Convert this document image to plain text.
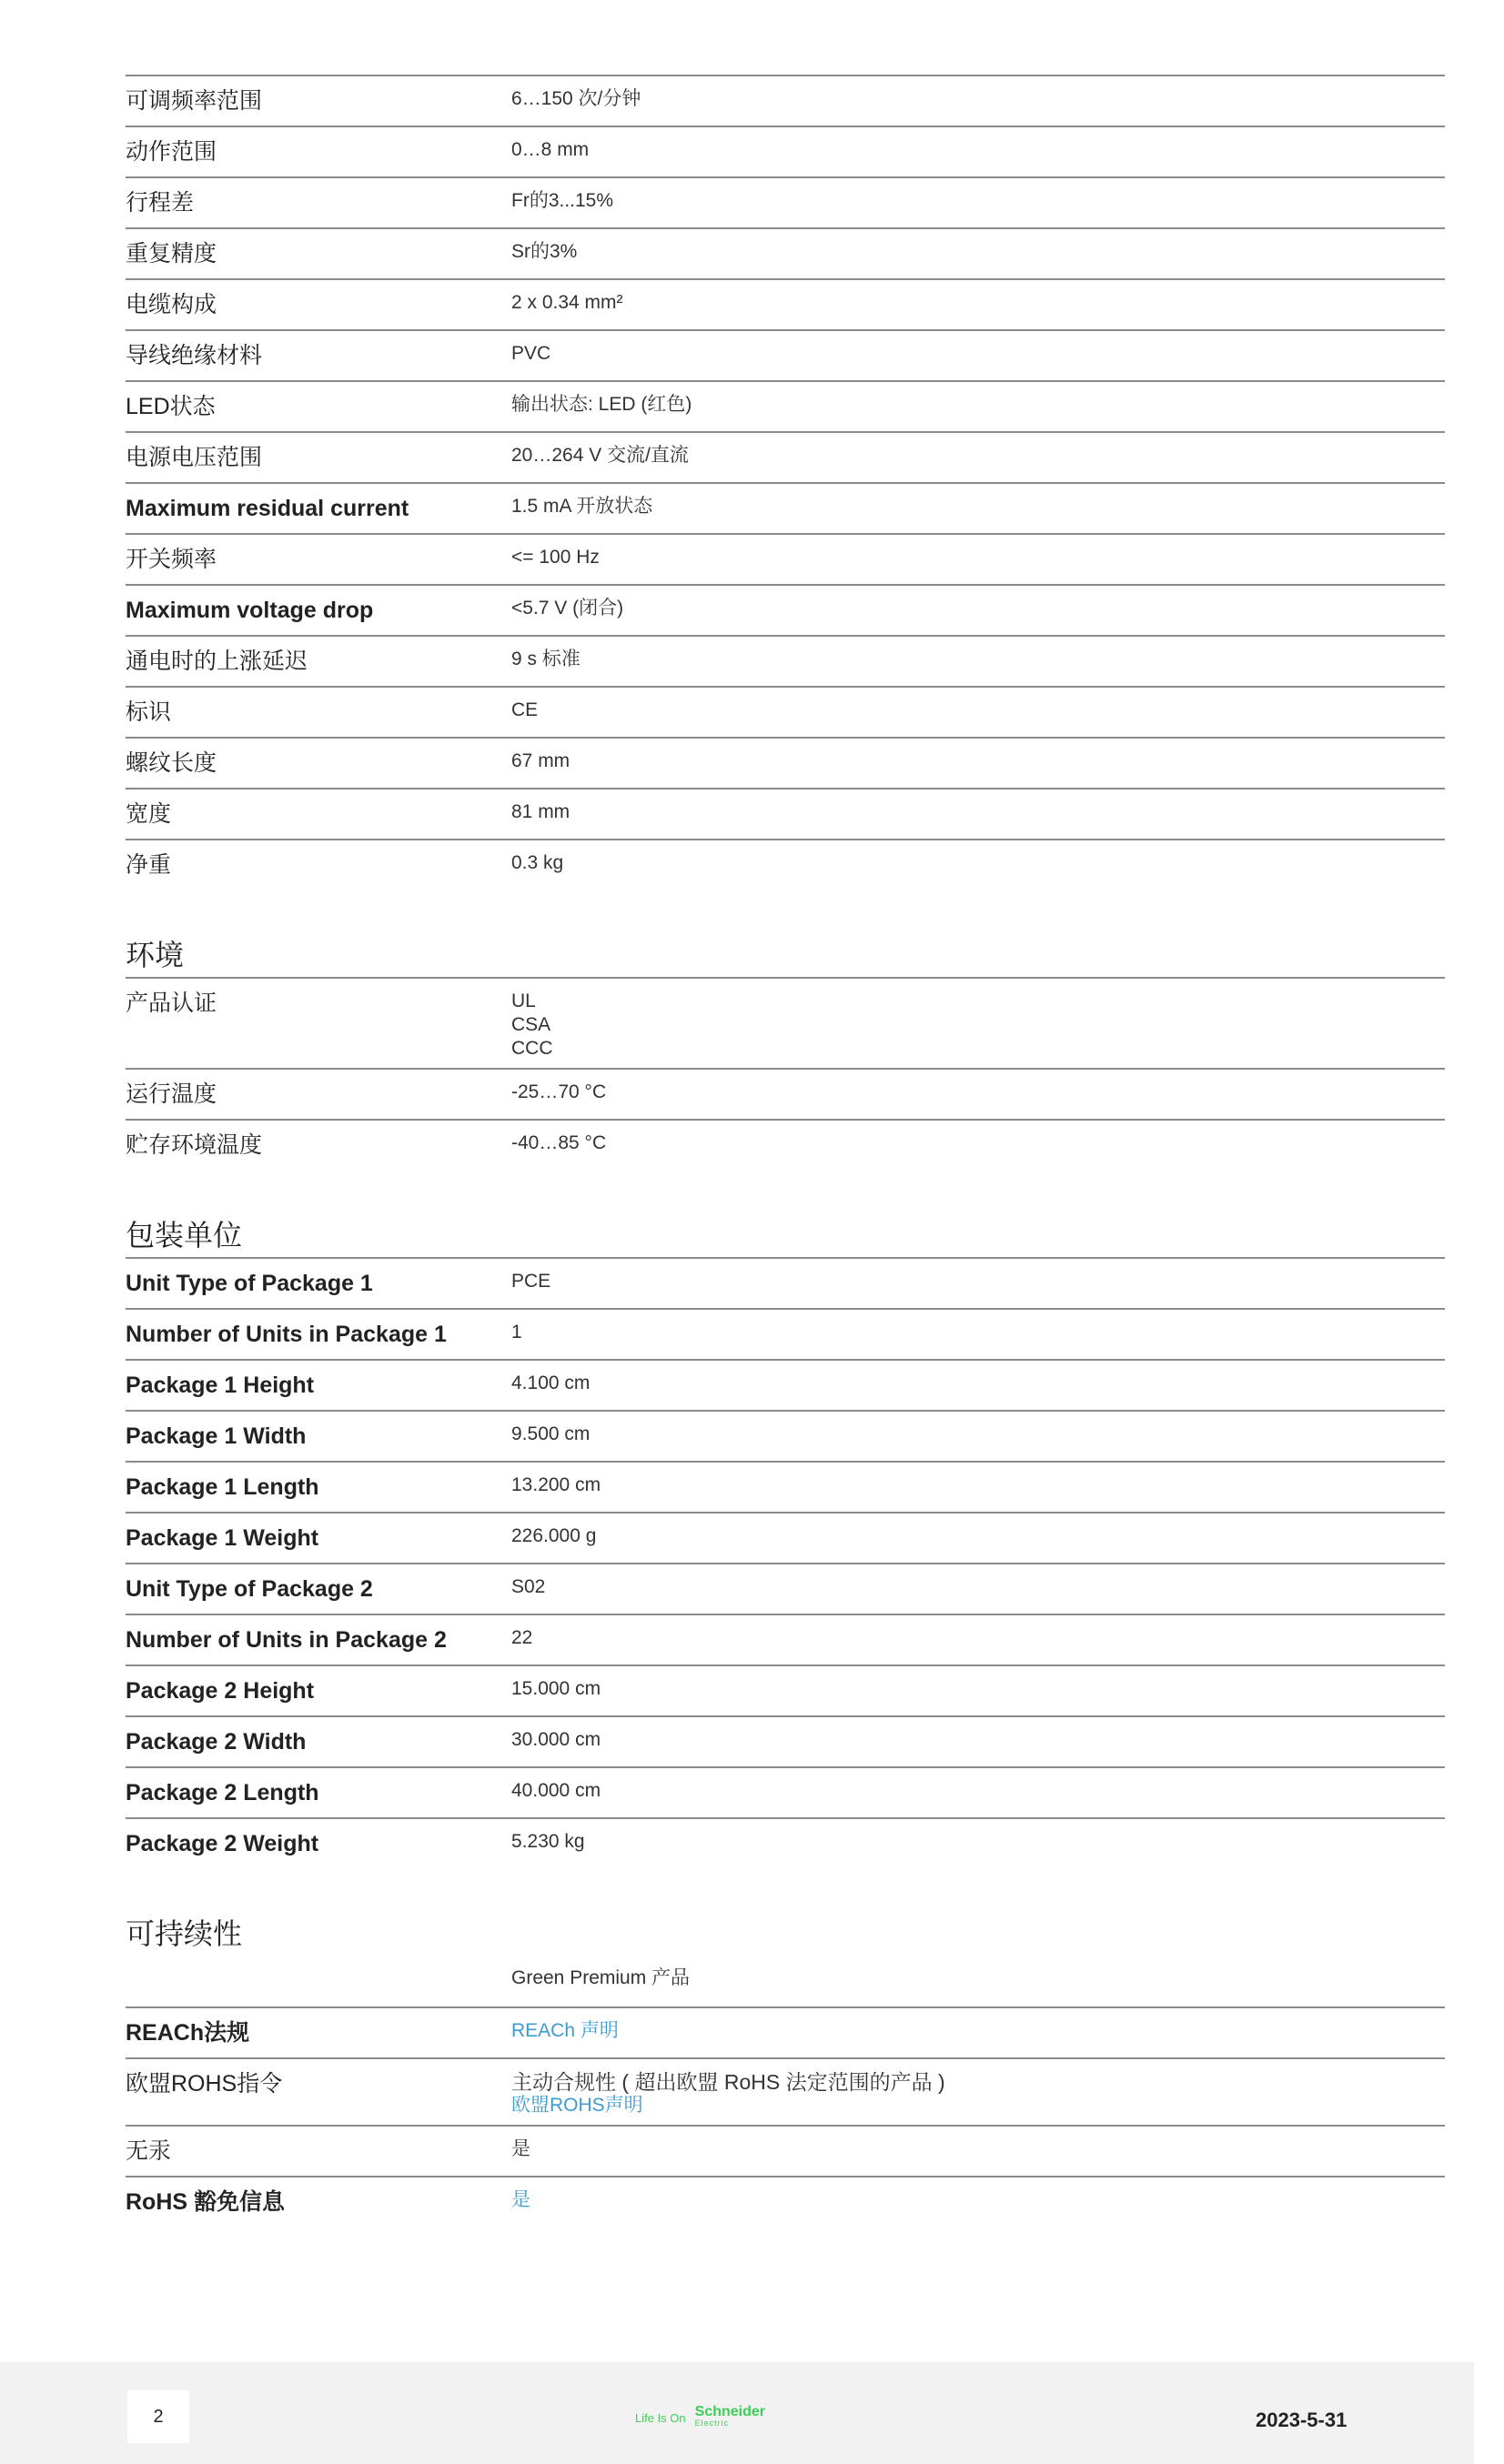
可调频率范围	6…150 次/分钟
动作范围	0…8 mm
行程差	Fr的3...15%
重复精度	Sr的3%
电缆构成	2 x 0.34 mm²
导线绝缘材料	PVC
LED状态	输出状态: LED (红色)
电源电压范围	20…264 V 交流/直流
Maximum residual current	1.5 mA 开放状态
开关频率	<= 100 Hz
Maximum voltage drop	<5.7 V (闭合)
通电时的上涨延迟	9 s 标准
标识	CE
螺纹长度	67 mm
宽度	81 mm
净重	0.3 kg
环境
产品认证	UL
CSA
CCC
运行温度	-25…70 °C
贮存环境温度	-40…85 °C
包装单位
Unit Type of Package 1	PCE
Number of Units in Package 1	1
Package 1 Height	4.100 cm
Package 1 Width	9.500 cm
Package 1 Length	13.200 cm
Package 1 Weight	226.000 g
Unit Type of Package 2	S02
Number of Units in Package 2	22
Package 2 Height	15.000 cm
Package 2 Width	30.000 cm
Package 2 Length	40.000 cm
Package 2 Weight	5.230 kg
可持续性
Green Premium 产品
REACh法规	REACh 声明
欧盟ROHS指令	主动合规性 ( 超出欧盟 RoHS 法定范围的产品 )
欧盟ROHS声明
无汞	是
RoHS 豁免信息	是
2	Life Is On Schneider
Electric	2023-5-31
